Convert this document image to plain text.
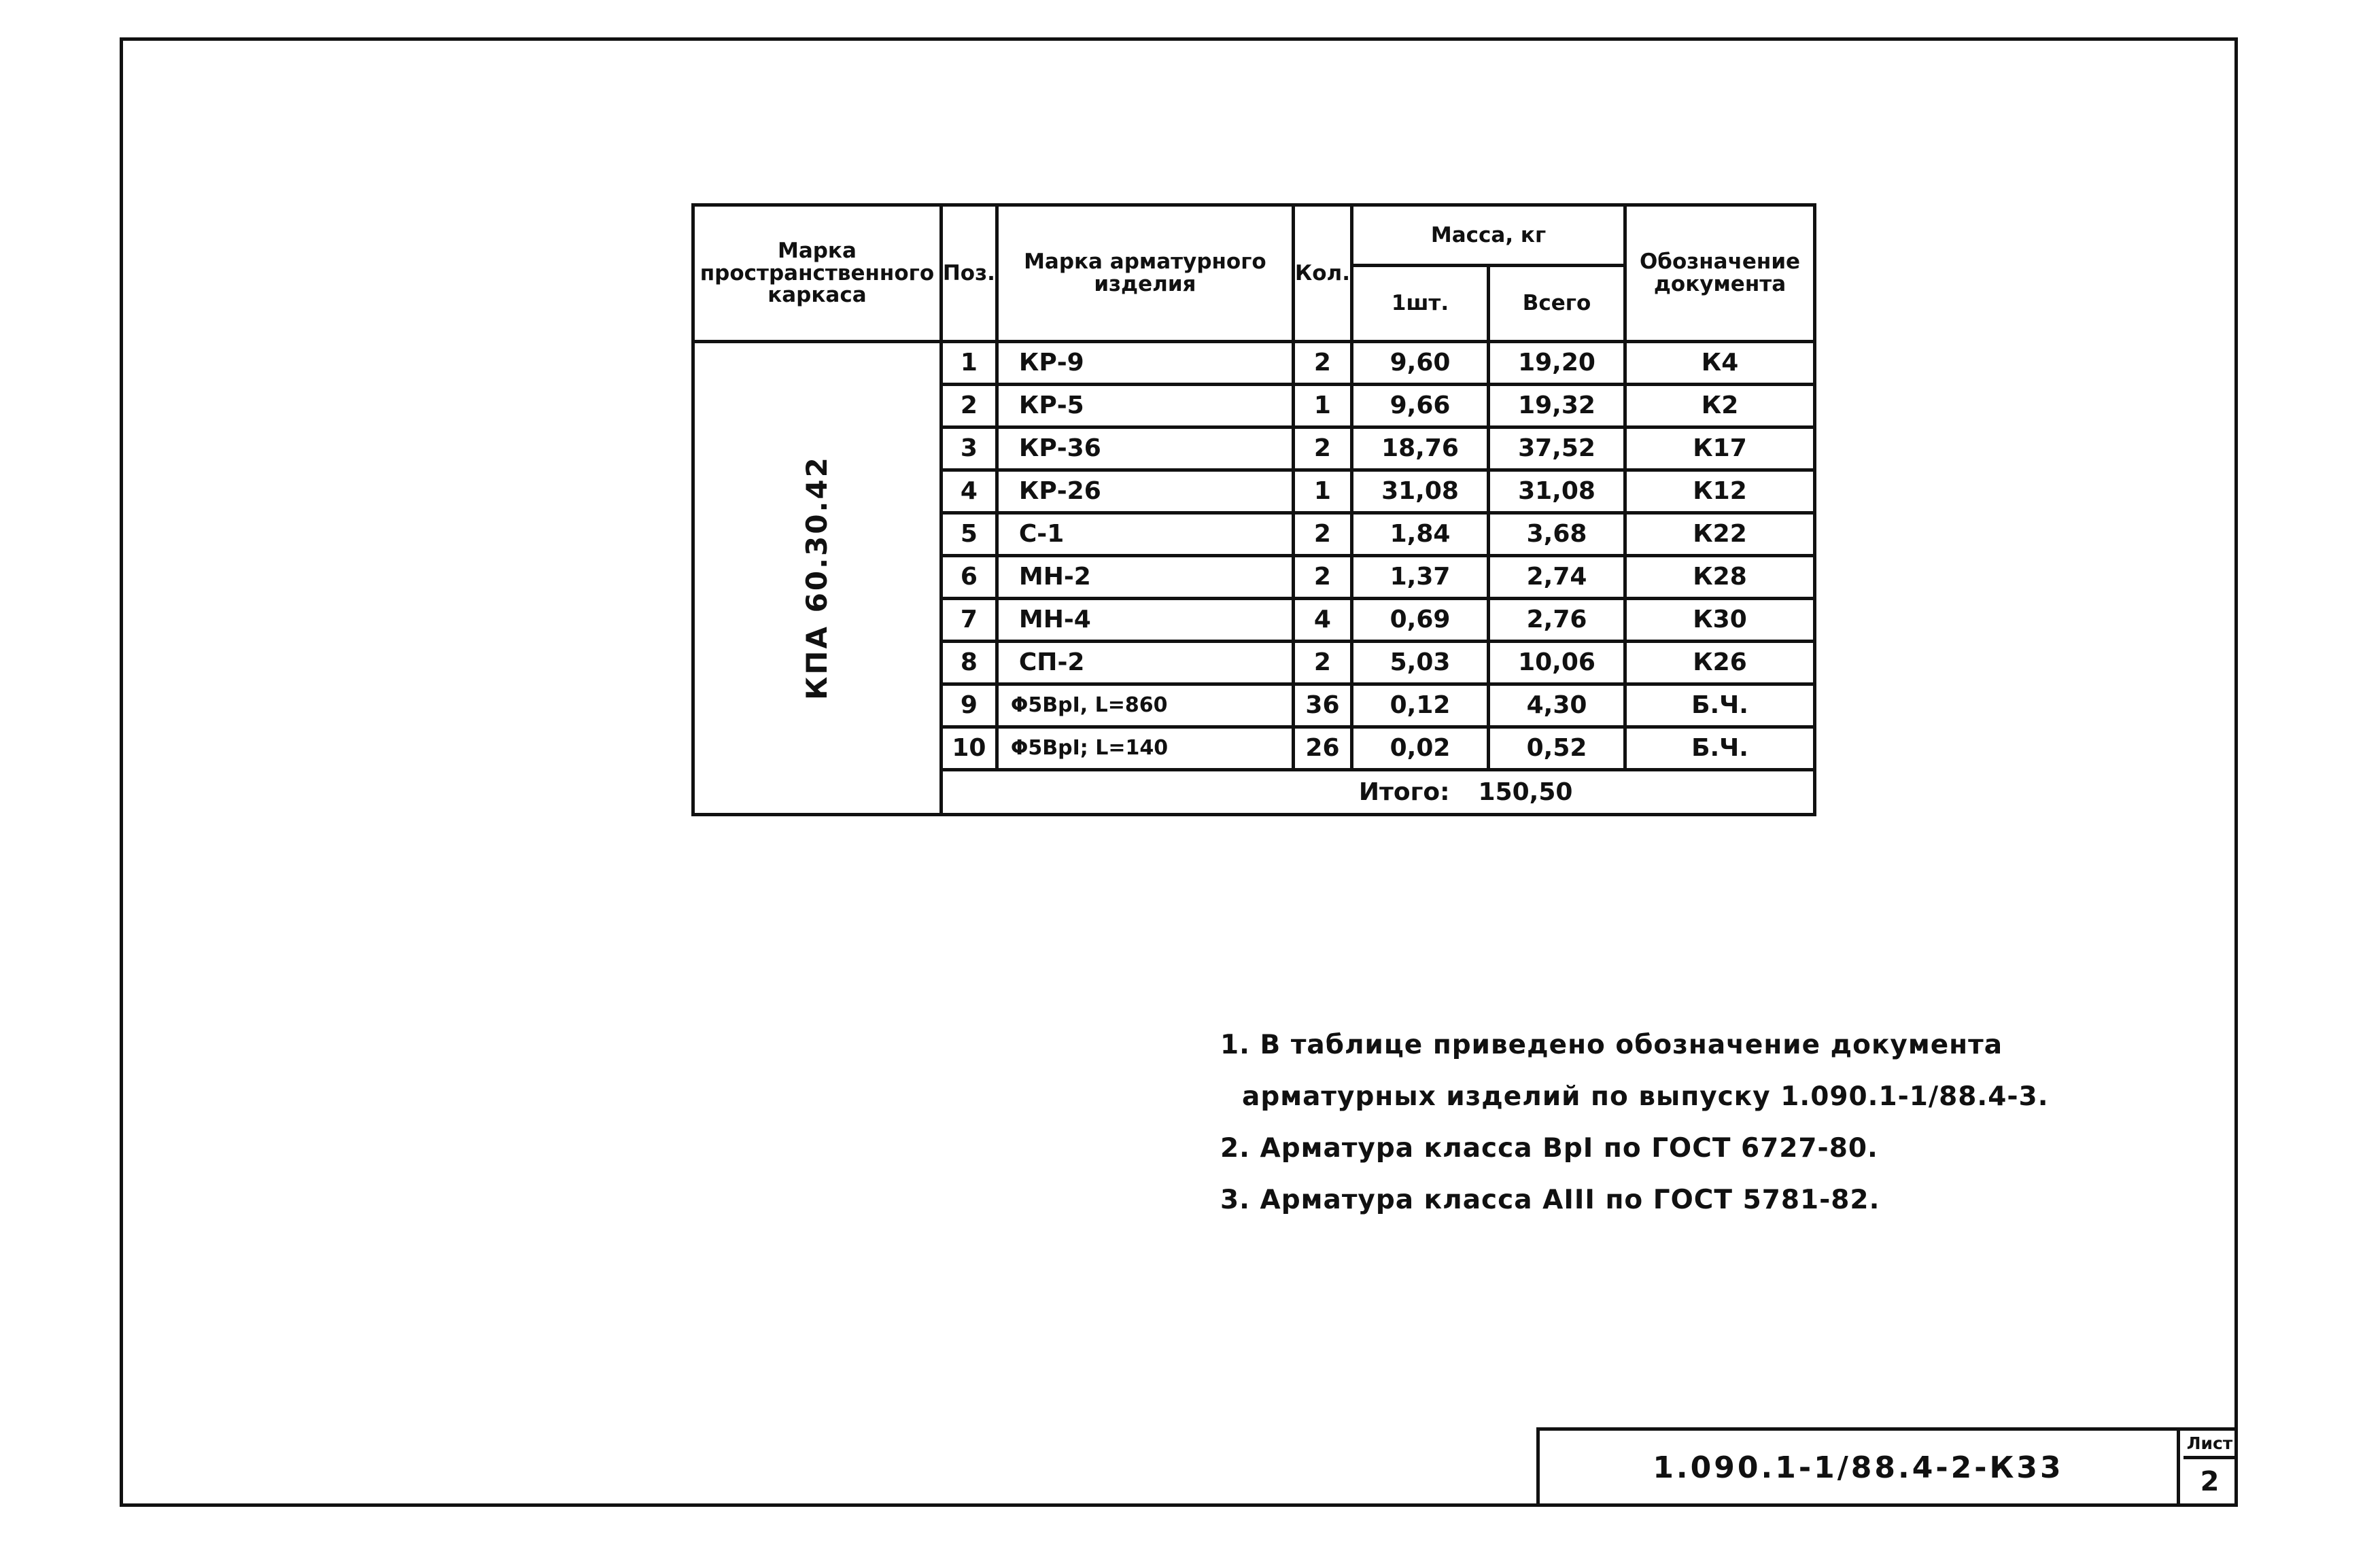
Марка пространственного каркаса	Поз.	Марка арматурного изделия	Кол.	Масса, кг		Обозначение документа
				1шт.	Всего	
КПА 60.30.42	1	КР-9	2	9,60	19,20	К4
	2	КР-5	1	9,66	19,32	К2
	3	КР-36	2	18,76	37,52	К17
	4	КР-26	1	31,08	31,08	К12
	5	С-1	2	1,84	3,68	К22
	6	МН-2	2	1,37	2,74	К28
	7	МН-4	4	0,69	2,76	К30
	8	СП-2	2	5,03	10,06	К26
	9	Φ5ВрI, L=860	36	0,12	4,30	Б.Ч.
	10	Φ5ВрI; L=140	26	0,02	0,52	Б.Ч.
	Итого: 150,50					
1. В таблице приведено обозначение документа
арматурных изделий по выпуску 1.090.1-1/88.4-3.
2. Арматура класса ВрI по ГОСТ 6727-80.
3. Арматура класса АIII по ГОСТ 5781-82.
1.090.1-1/88.4-2-К33
Лист
2
